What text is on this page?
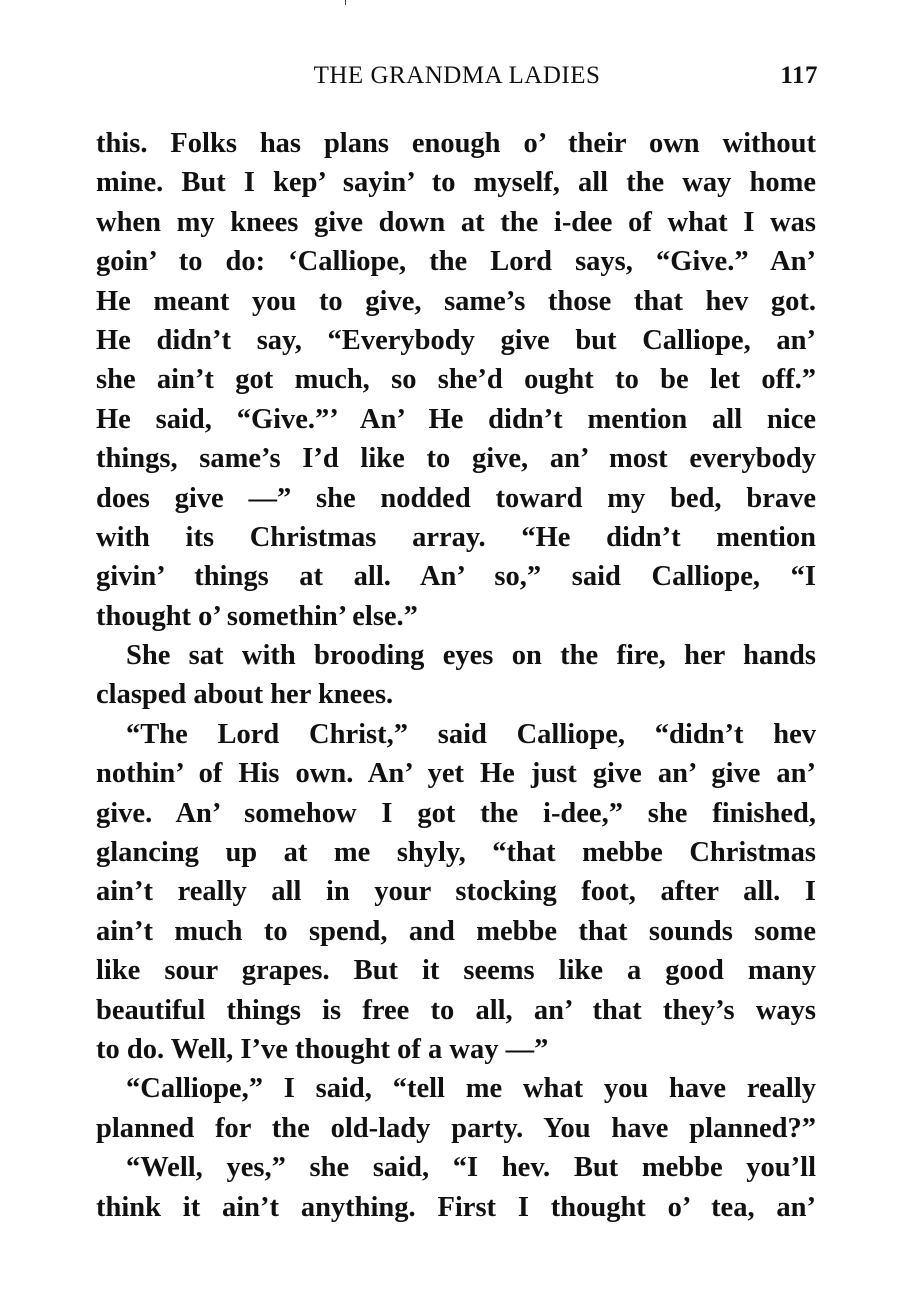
THE GRANDMA LADIES	117
this. Folks has plans enough o’ their own without
mine. But I kep’ sayin’ to myself, all the way home
when my knees give down at the i-dee of what I was
goin’ to do: ‘Calliope, the Lord says, “Give.” An’
He meant you to give, same’s those that hev got.
He didn’t say, “Everybody give but Calliope, an’
she ain’t got much, so she’d ought to be let off.”
He said, “Give.”’ An’ He didn’t mention all nice
things, same’s I’d like to give, an’ most everybody
does give —” she nodded toward my bed, brave
with its Christmas array. “He didn’t mention
givin’ things at all. An’ so,” said Calliope, “I
thought o’ somethin’ else.”
She sat with brooding eyes on the fire, her hands
clasped about her knees.
“The Lord Christ,” said Calliope, “didn’t hev
nothin’ of His own. An’ yet He just give an’ give an’
give. An’ somehow I got the i-dee,” she finished,
glancing up at me shyly, “that mebbe Christmas
ain’t really all in your stocking foot, after all. I
ain’t much to spend, and mebbe that sounds some
like sour grapes. But it seems like a good many
beautiful things is free to all, an’ that they’s ways
to do. Well, I’ve thought of a way —”
“Calliope,” I said, “tell me what you have really
planned for the old-lady party. You have planned?”
“Well, yes,” she said, “I hev. But mebbe you’ll
think it ain’t anything. First I thought o’ tea, an’
